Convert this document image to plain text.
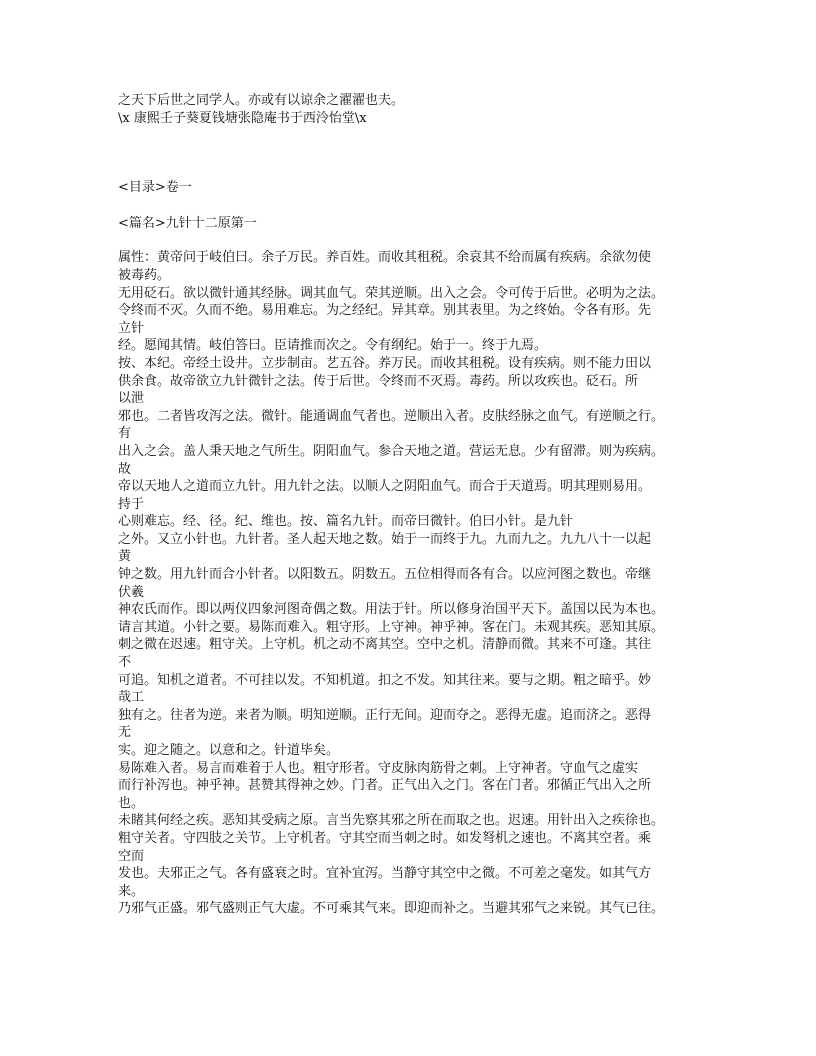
之天下后世之同学人。亦或有以谅余之濯濯也夫。
\x 康熙壬子葵夏钱塘张隐庵书于西泠怡堂\x
<目录>卷一
<篇名>九针十二原第一
属性：黄帝问于岐伯曰。余子万民。养百姓。而收其租税。余哀其不给而属有疾病。余欲勿使
被毒药。
无用砭石。欲以微针通其经脉。调其血气。荣其逆顺。出入之会。令可传于后世。必明为之法。
令终而不灭。久而不绝。易用难忘。为之经纪。异其章。别其表里。为之终始。令各有形。先
立针
经。愿闻其情。岐伯答曰。臣请推而次之。令有纲纪。始于一。终于九焉。
按、本纪。帝经土设井。立步制亩。艺五谷。养万民。而收其租税。设有疾病。则不能力田以
供余食。故帝欲立九针微针之法。传于后世。令终而不灭焉。毒药。所以攻疾也。砭石。所
以泄
邪也。二者皆攻泻之法。微针。能通调血气者也。逆顺出入者。皮肤经脉之血气。有逆顺之行。
有
出入之会。盖人秉天地之气所生。阴阳血气。参合天地之道。营运无息。少有留滞。则为疾病。
故
帝以天地人之道而立九针。用九针之法。以顺人之阴阳血气。而合于天道焉。明其理则易用。
持于
心则难忘。经、径。纪、维也。按、篇名九针。而帝曰微针。伯曰小针。是九针
之外。又立小针也。九针者。圣人起天地之数。始于一而终于九。九而九之。九九八十一以起
黄
钟之数。用九针而合小针者。以阳数五。阴数五。五位相得而各有合。以应河图之数也。帝继
伏羲
神农氏而作。即以两仪四象河图奇偶之数。用法于针。所以修身治国平天下。盖国以民为本也。
请言其道。小针之要。易陈而难入。粗守形。上守神。神乎神。客在门。未观其疾。恶知其原。
刺之微在迟速。粗守关。上守机。机之动不离其空。空中之机。清静而微。其来不可逢。其往
不
可追。知机之道者。不可挂以发。不知机道。扣之不发。知其往来。要与之期。粗之暗乎。妙
哉工
独有之。往者为逆。来者为顺。明知逆顺。正行无间。迎而夺之。恶得无虚。追而济之。恶得
无
实。迎之随之。以意和之。针道毕矣。
易陈难入者。易言而难着于人也。粗守形者。守皮脉肉筋骨之刺。上守神者。守血气之虚实
而行补泻也。神乎神。甚赞其得神之妙。门者。正气出入之门。客在门者。邪循正气出入之所
也。
未睹其何经之疾。恶知其受病之原。言当先察其邪之所在而取之也。迟速。用针出入之疾徐也。
粗守关者。守四肢之关节。上守机者。守其空而当刺之时。如发弩机之速也。不离其空者。乘
空而
发也。夫邪正之气。各有盛衰之时。宜补宜泻。当静守其空中之微。不可差之毫发。如其气方
来。
乃邪气正盛。邪气盛则正气大虚。不可乘其气来。即迎而补之。当避其邪气之来锐。其气已往。
